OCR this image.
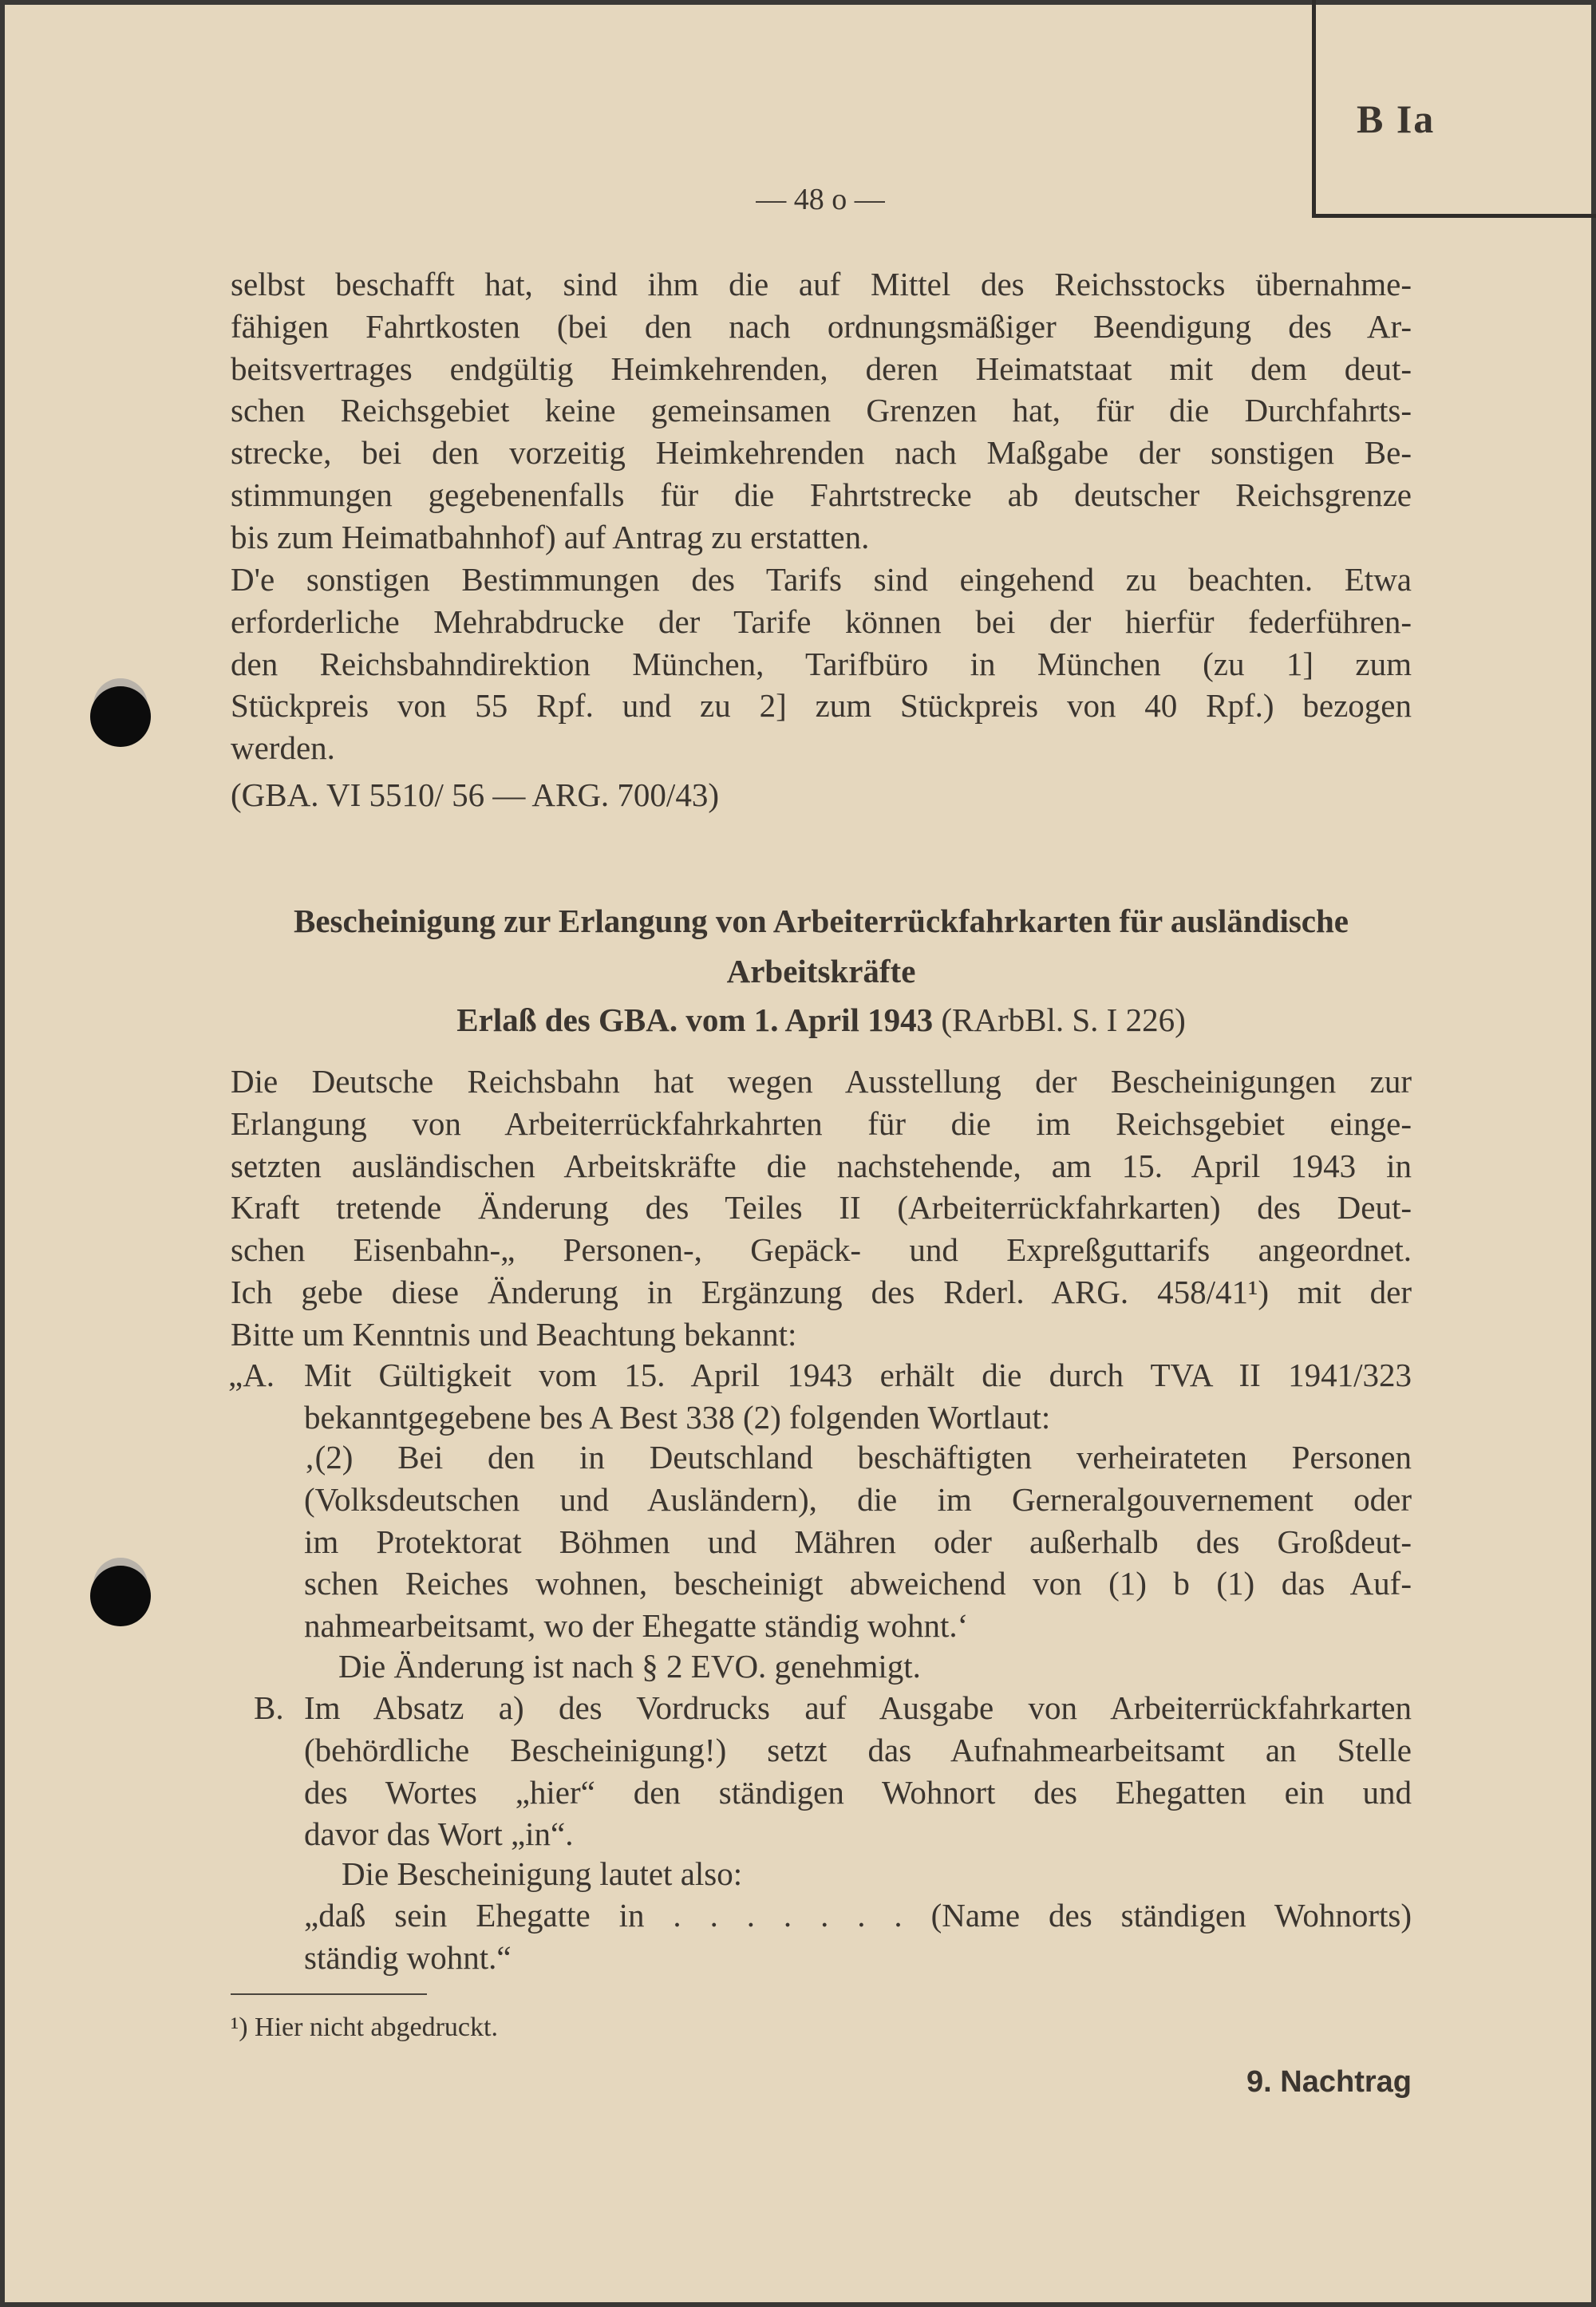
B Ia
— 48 o —
selbst beschafft hat, sind ihm die auf Mittel des Reichsstocks übernahme-
fähigen Fahrtkosten (bei den nach ordnungsmäßiger Beendigung des Ar-
beitsvertrages endgültig Heimkehrenden, deren Heimatstaat mit dem deut-
schen Reichsgebiet keine gemeinsamen Grenzen hat, für die Durchfahrts-
strecke, bei den vorzeitig Heimkehrenden nach Maßgabe der sonstigen Be-
stimmungen gegebenenfalls für die Fahrtstrecke ab deutscher Reichsgrenze
bis zum Heimatbahnhof) auf Antrag zu erstatten.
D'e sonstigen Bestimmungen des Tarifs sind eingehend zu beachten. Etwa
erforderliche Mehrabdrucke der Tarife können bei der hierfür federführen-
den Reichsbahndirektion München, Tarifbüro in München (zu 1] zum
Stückpreis von 55 Rpf. und zu 2] zum Stückpreis von 40 Rpf.) bezogen
werden.
(GBA. VI 5510/ 56 — ARG. 700/43)
Die Deutsche Reichsbahn hat wegen Ausstellung der Bescheinigungen zur
Erlangung von Arbeiterrückfahrkahrten für die im Reichsgebiet einge-
setzten ausländischen Arbeitskräfte die nachstehende, am 15. April 1943 in
Kraft tretende Änderung des Teiles II (Arbeiterrückfahrkarten) des Deut-
schen Eisenbahn-„ Personen-, Gepäck- und Expreßguttarifs angeordnet.
Ich gebe diese Änderung in Ergänzung des Rderl. ARG. 458/41¹) mit der
Bitte um Kenntnis und Beachtung bekannt:
Mit Gültigkeit vom 15. April 1943 erhält die durch TVA II 1941/323
bekanntgegebene bes A Best 338 (2) folgenden Wortlaut:
‚(2) Bei den in Deutschland beschäftigten verheirateten Personen
(Volksdeutschen und Ausländern), die im Gerneralgouvernement oder
im Protektorat Böhmen und Mähren oder außerhalb des Großdeut-
schen Reiches wohnen, bescheinigt abweichend von (1) b (1) das Auf-
nahmearbeitsamt, wo der Ehegatte ständig wohnt.‘
Die Änderung ist nach § 2 EVO. genehmigt.
Im Absatz a) des Vordrucks auf Ausgabe von Arbeiterrückfahrkarten
(behördliche Bescheinigung!) setzt das Aufnahmearbeitsamt an Stelle
des Wortes „hier“ den ständigen Wohnort des Ehegatten ein und
davor das Wort „in“.
Die Bescheinigung lautet also:
„daß sein Ehegatte in . . . . . . . (Name des ständigen Wohnorts)
ständig wohnt.“
Bescheinigung zur Erlangung von Arbeiterrückfahrkarten für ausländische
Arbeitskräfte
Erlaß des GBA. vom 1. April 1943 (RArbBl. S. I 226)
„A.
B.
¹) Hier nicht abgedruckt.
9. Nachtrag
